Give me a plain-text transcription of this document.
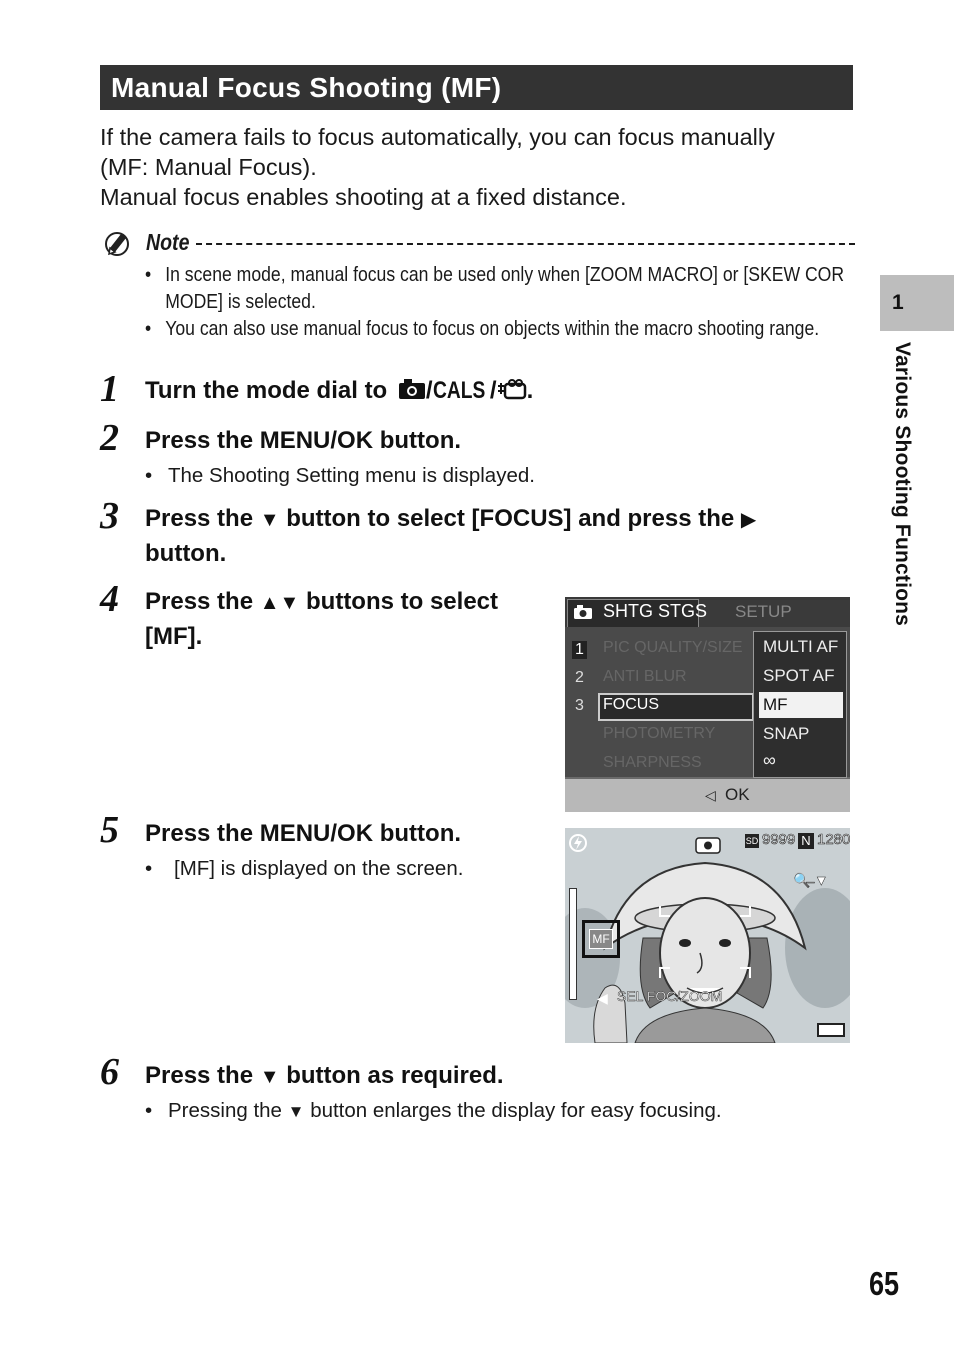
Manual Focus Shooting (MF)

If the camera fails to focus automatically, you can focus manually

(MF: Manual Focus).

Manual focus enables shooting at a fixed distance.

Note
• In scene mode, manual focus can be used only when [ZOOM MACRO] or [SKEW COR MODE] is selected.
• You can also use manual focus to focus on objects within the macro shooting range.
1	Turn the mode dial to /CALS / .
2	Press the MENU/OK button.
• The Shooting Setting menu is displayed.
3	Press the ▼ button to select [FOCUS] and press the ▶
button.
4	Press the ▲▼ buttons to select
[MF].
SHTG STGS SETUP
1
2
3
PIC QUALITY/SIZE
ANTI BLUR
FOCUS
PHOTOMETRY
SHARPNESS
MULTI AF
SPOT AF
MF
SNAP
∞
◁ OK
5	Press the MENU/OK button.
• [MF] is displayed on the screen.
SD 9999 N 1280
🔍̶ ▼
MF
◀ SEL FOC/ZOOM
6	Press the ▼ button as required.
• Pressing the ▼ button enlarges the display for easy focusing.
1
Various Shooting Functions
65
